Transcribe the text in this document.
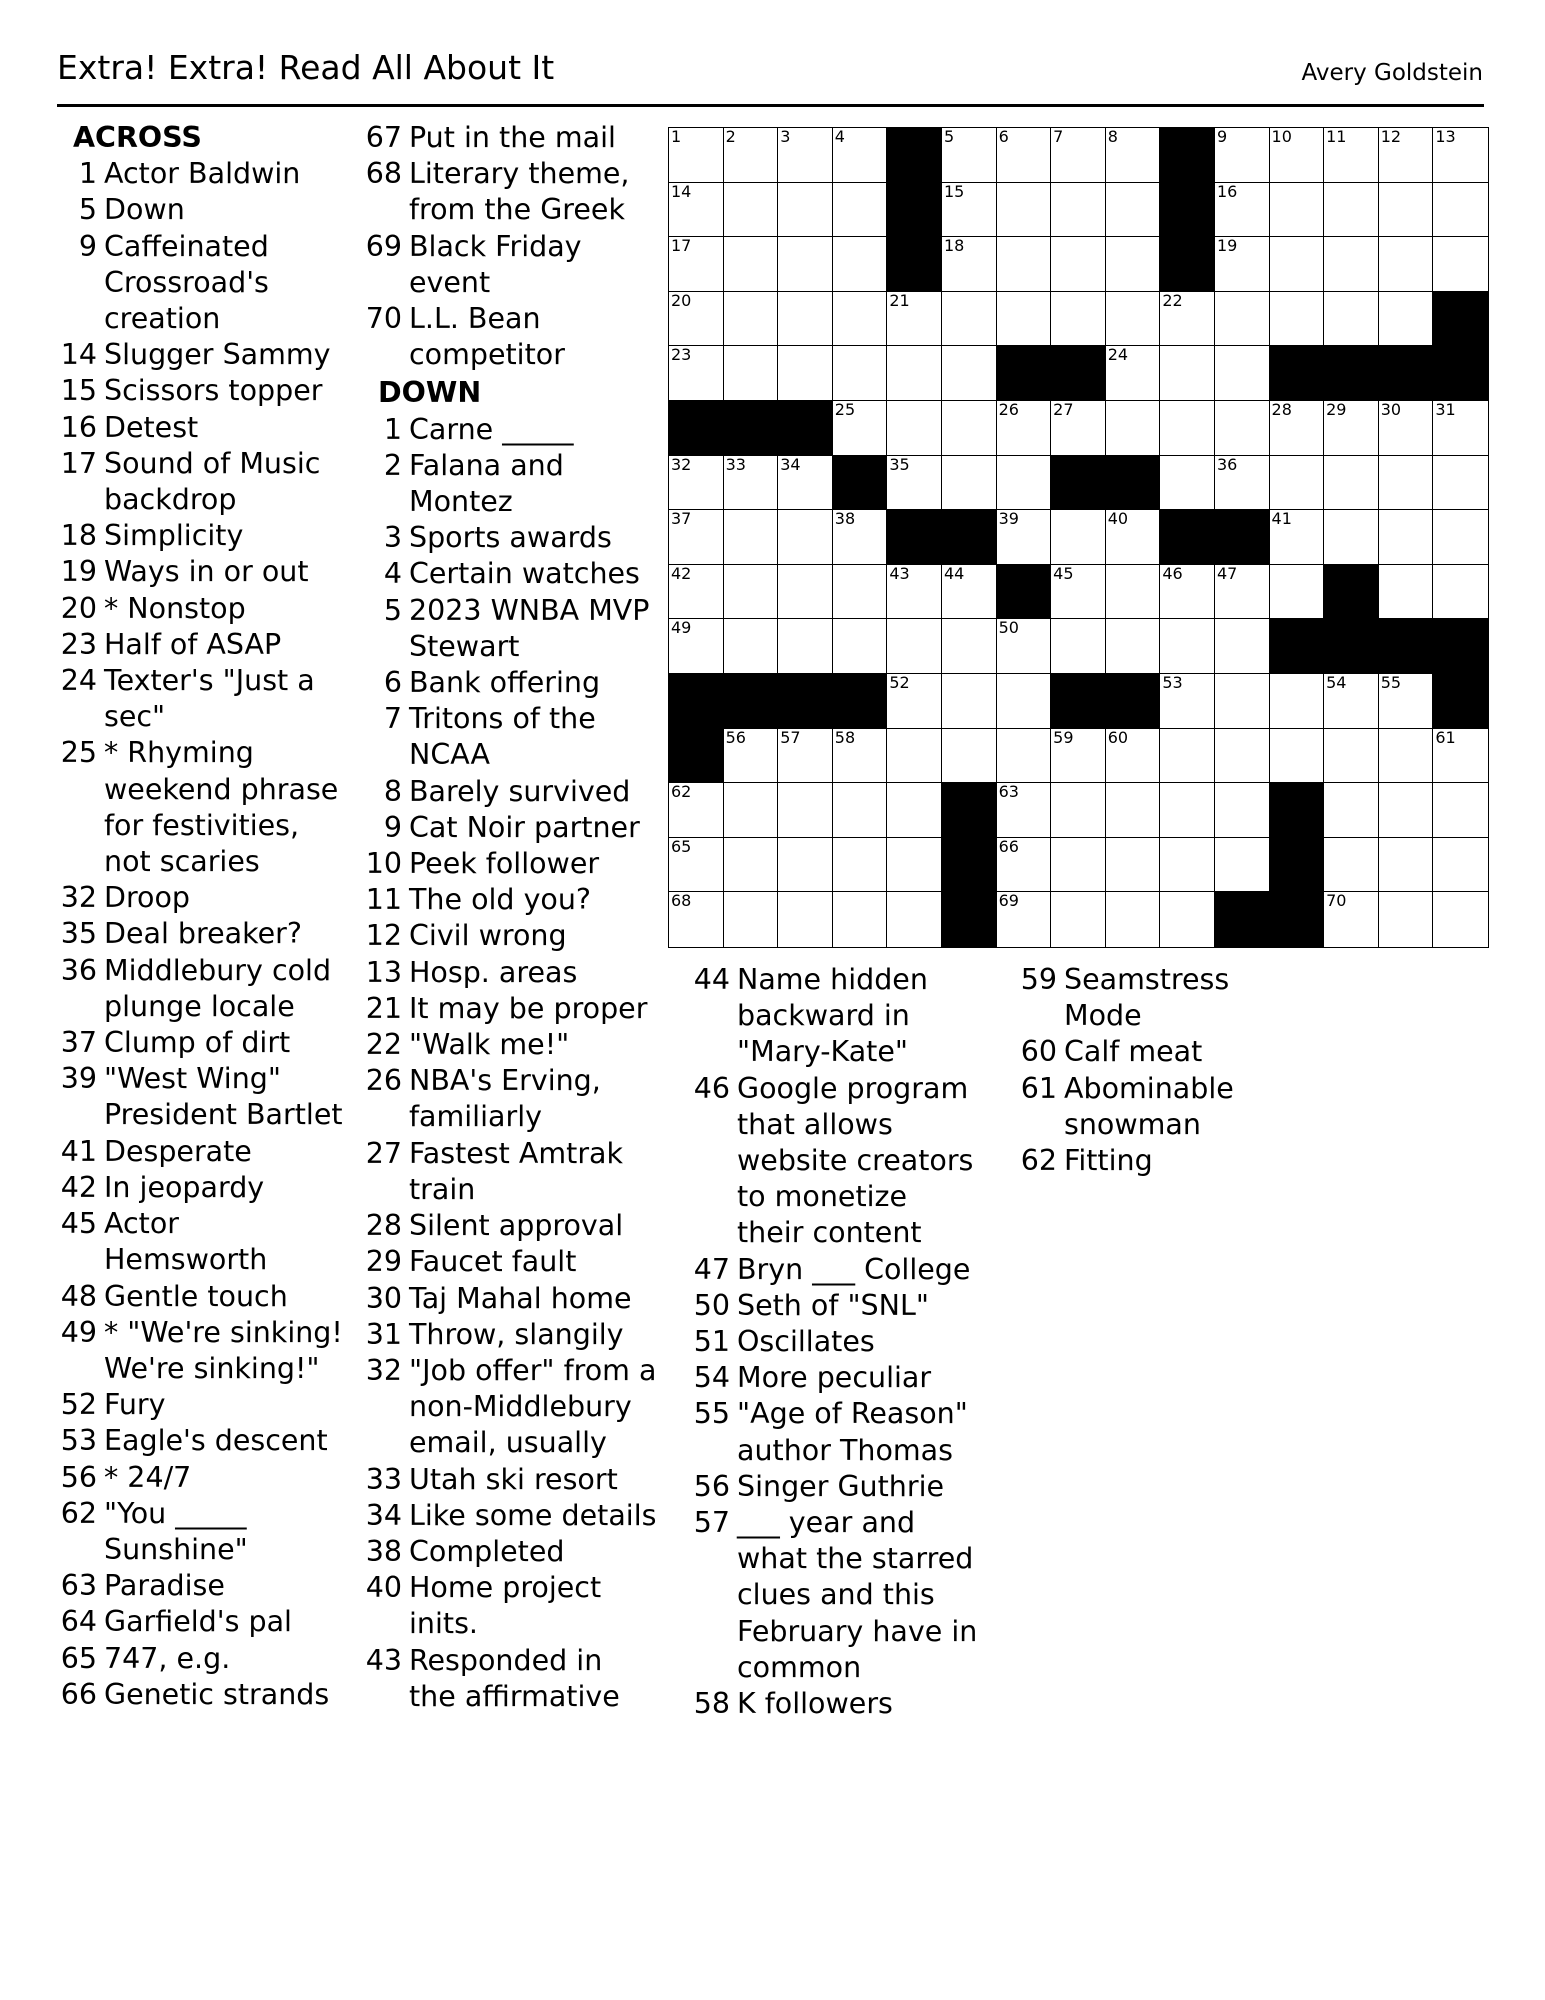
Extra! Extra! Read All About It	Avery Goldstein
ACROSS
1 Actor Baldwin
5 Down
9 Caffeinated Crossroad's creation
14 Slugger Sammy
15 Scissors topper
16 Detest
17 Sound of Music backdrop
18 Simplicity
19 Ways in or out
20 * Nonstop
23 Half of ASAP
24 Texter's "Just a sec"
25 * Rhyming weekend phrase for festivities, not scaries
32 Droop
35 Deal breaker?
36 Middlebury cold plunge locale
37 Clump of dirt
39 "West Wing" President Bartlet
41 Desperate
42 In jeopardy
45 Actor Hemsworth
48 Gentle touch
49 * "We're sinking! We're sinking!"
52 Fury
53 Eagle's descent
56 * 24/7
62 "You _____ Sunshine"
63 Paradise
64 Garfield's pal
65 747, e.g.
66 Genetic strands
67 Put in the mail
68 Literary theme, from the Greek
69 Black Friday event
70 L.L. Bean competitor
DOWN
1 Carne _____
2 Falana and Montez
3 Sports awards
4 Certain watches
5 2023 WNBA MVP Stewart
6 Bank offering
7 Tritons of the NCAA
8 Barely survived
9 Cat Noir partner
10 Peek follower
11 The old you?
12 Civil wrong
13 Hosp. areas
21 It may be proper
22 "Walk me!"
26 NBA's Erving, familiarly
27 Fastest Amtrak train
28 Silent approval
29 Faucet fault
30 Taj Mahal home
31 Throw, slangily
32 "Job offer" from a non-Middlebury email, usually
33 Utah ski resort
34 Like some details
38 Completed
40 Home project inits.
43 Responded in the affirmative
44 Name hidden backward in "Mary-Kate"
46 Google program that allows website creators to monetize their content
47 Bryn ___ College
50 Seth of "SNL"
51 Oscillates
54 More peculiar
55 "Age of Reason" author Thomas
56 Singer Guthrie
57 ___ year and what the starred clues and this February have in common
58 K followers
59 Seamstress Mode
60 Calf meat
61 Abominable snowman
62 Fitting
1	2	3	4	5	6	7	8	9	10 11 12 13
14	15	16
17	18	19
20	21	22
23	24
25	26 27	28 29 30 31
32 33 34	35	36
37	38	39	40	41
42	43 44	45	46 47
49	50
52	53	54 55
56 57 58	59 60	61
62	63
65	66
68	69	70
